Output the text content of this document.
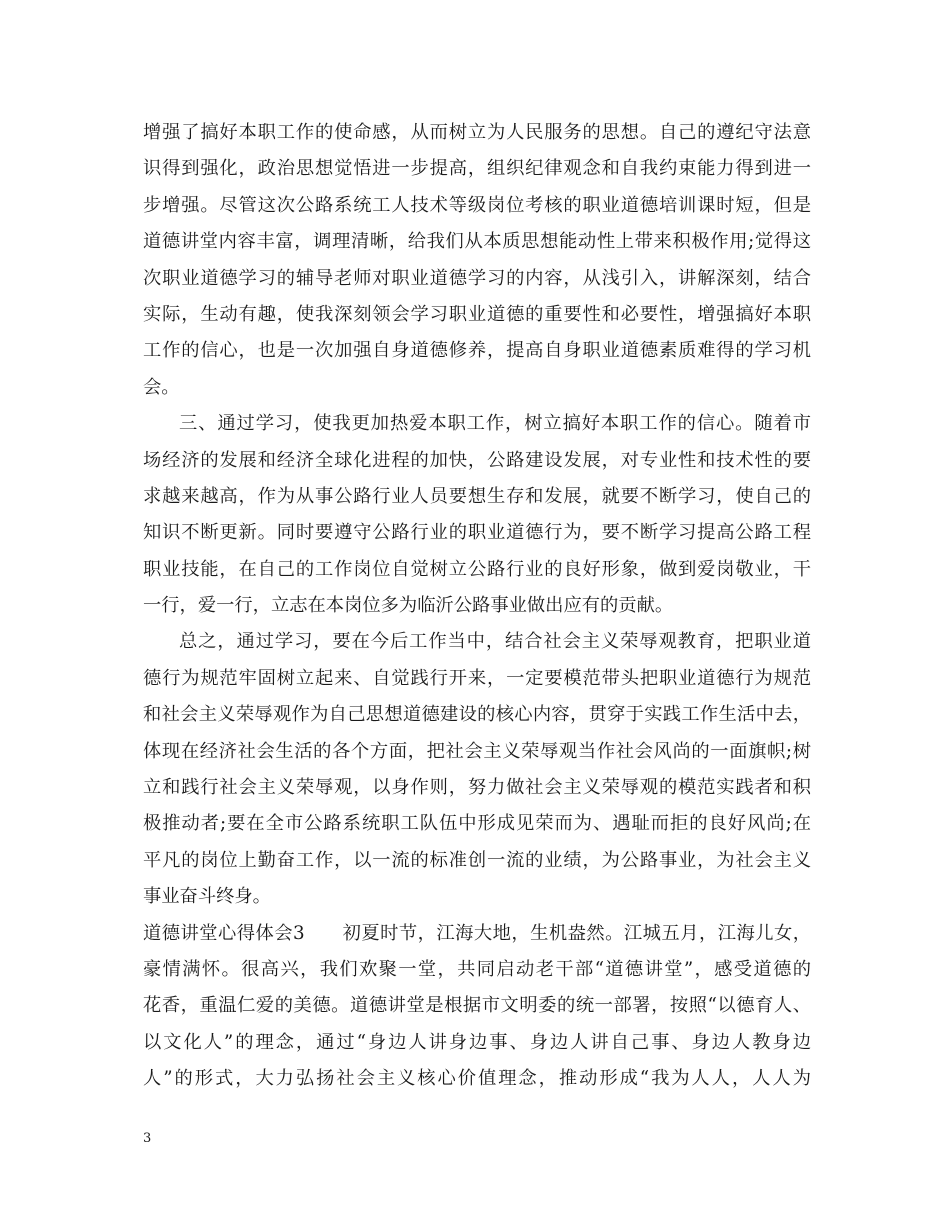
增强了搞好本职工作的使命感，从而树立为人民服务的思想。自己的遵纪守法意
识得到强化，政治思想觉悟进一步提高，组织纪律观念和自我约束能力得到进一
步增强。尽管这次公路系统工人技术等级岗位考核的职业道德培训课时短，但是
道德讲堂内容丰富，调理清晰，给我们从本质思想能动性上带来积极作用;觉得这
次职业道德学习的辅导老师对职业道德学习的内容，从浅引入，讲解深刻，结合
实际，生动有趣，使我深刻领会学习职业道德的重要性和必要性，增强搞好本职
工作的信心，也是一次加强自身道德修养，提高自身职业道德素质难得的学习机
会。
三、通过学习，使我更加热爱本职工作，树立搞好本职工作的信心。随着市
场经济的发展和经济全球化进程的加快，公路建设发展，对专业性和技术性的要
求越来越高，作为从事公路行业人员要想生存和发展，就要不断学习，使自己的
知识不断更新。同时要遵守公路行业的职业道德行为，要不断学习提高公路工程
职业技能，在自己的工作岗位自觉树立公路行业的良好形象，做到爱岗敬业，干
一行，爱一行，立志在本岗位多为临沂公路事业做出应有的贡献。
总之，通过学习，要在今后工作当中，结合社会主义荣辱观教育，把职业道
德行为规范牢固树立起来、自觉践行开来，一定要模范带头把职业道德行为规范
和社会主义荣辱观作为自己思想道德建设的核心内容，贯穿于实践工作生活中去，
体现在经济社会生活的各个方面，把社会主义荣辱观当作社会风尚的一面旗帜;树
立和践行社会主义荣辱观，以身作则，努力做社会主义荣辱观的模范实践者和积
极推动者;要在全市公路系统职工队伍中形成见荣而为、遇耻而拒的良好风尚;在
平凡的岗位上勤奋工作，以一流的标准创一流的业绩，为公路事业，为社会主义
事业奋斗终身。
道德讲堂心得体会3　　初夏时节，江海大地，生机盎然。江城五月，江海儿女，
豪情满怀。很高兴，我们欢聚一堂，共同启动老干部“道德讲堂”，感受道德的
花香，重温仁爱的美德。道德讲堂是根据市文明委的统一部署，按照“以德育人、
以文化人”的理念，通过“身边人讲身边事、身边人讲自己事、身边人教身边
人”的形式，大力弘扬社会主义核心价值理念，推动形成“我为人人，人人为
3
